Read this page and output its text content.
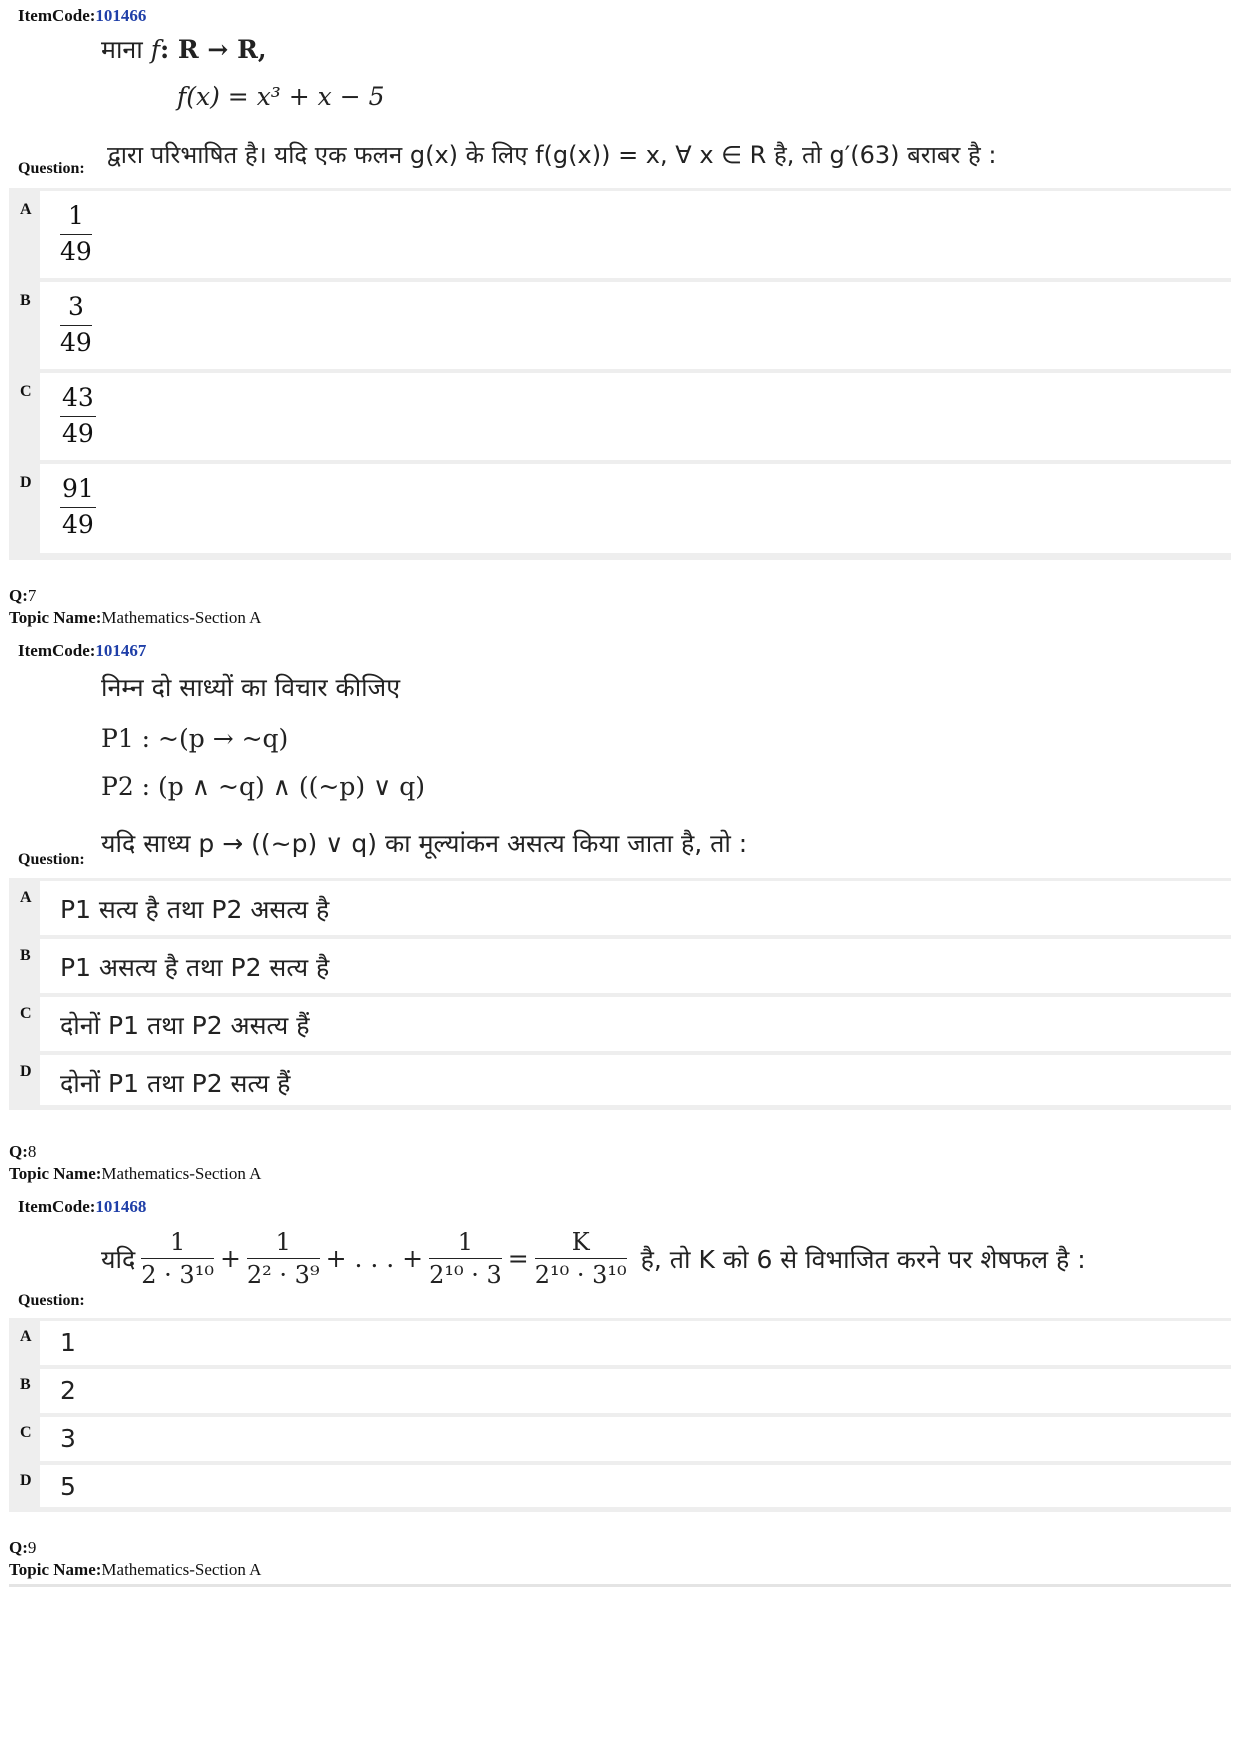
ItemCode:101466
माना f: R → R,
f(x) = x³ + x − 5
द्वारा परिभाषित है। यदि एक फलन g(x) के लिए f(g(x)) = x, ∀ x ∈ R है, तो g′(63) बराबर है :
Question:
A	1
49
B	3
49
C 43
49
D 91
49
Q:7
Topic Name:Mathematics-Section A
ItemCode:101467
निम्न दो साध्यों का विचार कीजिए
P1 : ~(p → ~q)
P2 : (p ∧ ~q) ∧ ((~p) ∨ q)
यदि साध्य p → ((~p) ∨ q) का मूल्यांकन असत्य किया जाता है, तो :
Question:
A P1 सत्य है तथा P2 असत्य है
B P1 असत्य है तथा P2 सत्य है
C दोनों P1 तथा P2 असत्य हैं
D दोनों P1 तथा P2 सत्य हैं
Q:8
Topic Name:Mathematics-Section A
ItemCode:101468
यदि
1
2 · 3¹⁰
+
1
2² · 3⁹
+ . . . +
1
2¹⁰ · 3
=
K
2¹⁰ · 3¹⁰
है, तो K को 6 से विभाजित करने पर शेषफल है :
Question:
A 1
B 2
C 3
D 5
Q:9
Topic Name:Mathematics-Section A
